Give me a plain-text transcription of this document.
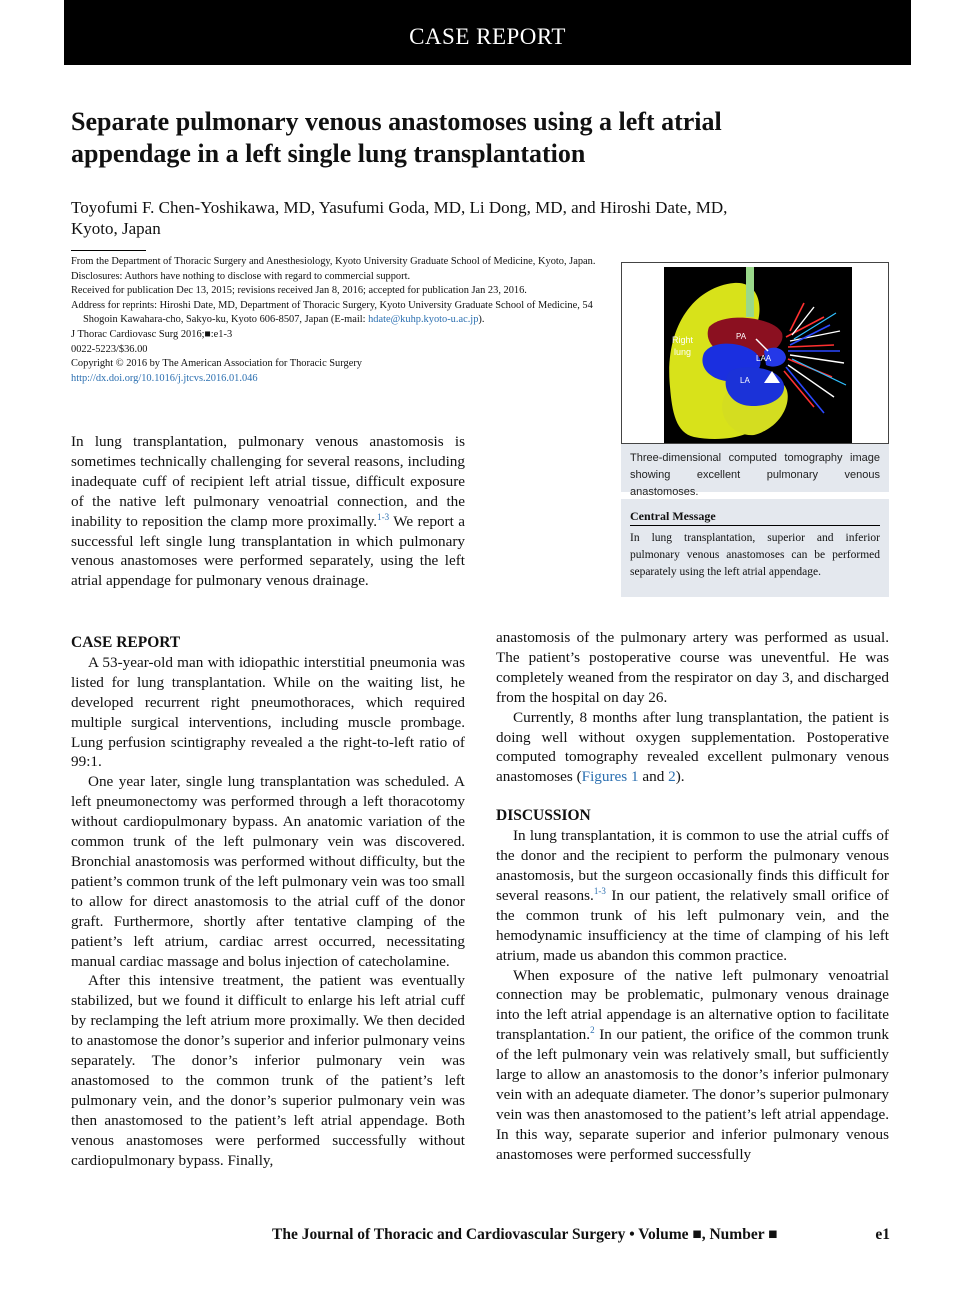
CASE REPORT
Separate pulmonary venous anastomoses using a left atrial appendage in a left single lung transplantation
Toyofumi F. Chen-Yoshikawa, MD, Yasufumi Goda, MD, Li Dong, MD, and Hiroshi Date, MD,
Kyoto, Japan

From the Department of Thoracic Surgery and Anesthesiology, Kyoto University Graduate School of Medicine, Kyoto, Japan.

Disclosures: Authors have nothing to disclose with regard to commercial support.

Received for publication Dec 13, 2015; revisions received Jan 8, 2016; accepted for publication Jan 23, 2016.

Address for reprints: Hiroshi Date, MD, Department of Thoracic Surgery, Kyoto University Graduate School of Medicine, 54 Shogoin Kawahara-cho, Sakyo-ku, Kyoto 606-8507, Japan (E-mail: hdate@kuhp.kyoto-u.ac.jp).

J Thorac Cardiovasc Surg 2016;■:e1-3

0022-5223/$36.00

Copyright © 2016 by The American Association for Thoracic Surgery

http://dx.doi.org/10.1016/j.jtcvs.2016.01.046

Right
lung
PA
LAA
LA
Three-dimensional computed tomography image showing excellent pulmonary venous anastomoses.
Central Message

In lung transplantation, superior and inferior pulmonary venous anastomoses can be performed separately using the left atrial appendage.

In lung transplantation, pulmonary venous anastomosis is sometimes technically challenging for several reasons, including inadequate cuff of recipient left atrial tissue, difficult exposure of the native left pulmonary venoatrial connection, and the inability to reposition the clamp more proximally.$^{1-3}$ We report a successful left single lung transplantation in which pulmonary venous anastomoses were performed separately, using the left atrial appendage for pulmonary venous drainage.

CASE REPORT

A 53-year-old man with idiopathic interstitial pneumonia was listed for lung transplantation. While on the waiting list, he developed recurrent right pneumothoraces, which required multiple surgical interventions, including muscle prombage. Lung perfusion scintigraphy revealed a the right-to-left ratio of 99:1.

One year later, single lung transplantation was scheduled. A left pneumonectomy was performed through a left thoracotomy without cardiopulmonary bypass. An anatomic variation of the common trunk of the left pulmonary vein was discovered. Bronchial anastomosis was performed without difficulty, but the patient’s common trunk of the left pulmonary vein was too small to allow for direct anastomosis to the atrial cuff of the donor graft. Furthermore, shortly after tentative clamping of the patient’s left atrium, cardiac arrest occurred, necessitating manual cardiac massage and bolus injection of catecholamine.

After this intensive treatment, the patient was eventually stabilized, but we found it difficult to enlarge his left atrial cuff by reclamping the left atrium more proximally. We then decided to anastomose the donor’s superior and inferior pulmonary veins separately. The donor’s inferior pulmonary vein was anastomosed to the common trunk of the patient’s left pulmonary vein, and the donor’s superior pulmonary vein was then anastomosed to the patient’s left atrial appendage. Both venous anastomoses were performed successfully without cardiopulmonary bypass. Finally,

anastomosis of the pulmonary artery was performed as usual. The patient’s postoperative course was uneventful. He was completely weaned from the respirator on day 3, and discharged from the hospital on day 26.

Currently, 8 months after lung transplantation, the patient is doing well without oxygen supplementation. Postoperative computed tomography revealed excellent pulmonary venous anastomoses (Figures 1 and 2).

DISCUSSION

In lung transplantation, it is common to use the atrial cuffs of the donor and the recipient to perform the pulmonary venous anastomosis, but the surgeon occasionally finds this difficult for several reasons.$^{1-3}$ In our patient, the relatively small orifice of the common trunk of his left pulmonary vein, and the hemodynamic insufficiency at the time of clamping of his left atrium, made us abandon this common practice.

When exposure of the native left pulmonary venoatrial connection may be problematic, pulmonary venous drainage into the left atrial appendage is an alternative option to facilitate transplantation.$^2$ In our patient, the orifice of the common trunk of the left pulmonary vein was relatively small, but sufficiently large to allow an anastomosis to the donor’s inferior pulmonary vein with an adequate diameter. The donor’s superior pulmonary vein was then anastomosed to the patient’s left atrial appendage. In this way, separate superior and inferior pulmonary venous anastomoses were performed successfully

The Journal of Thoracic and Cardiovascular Surgery • Volume ■, Number ■	e1
